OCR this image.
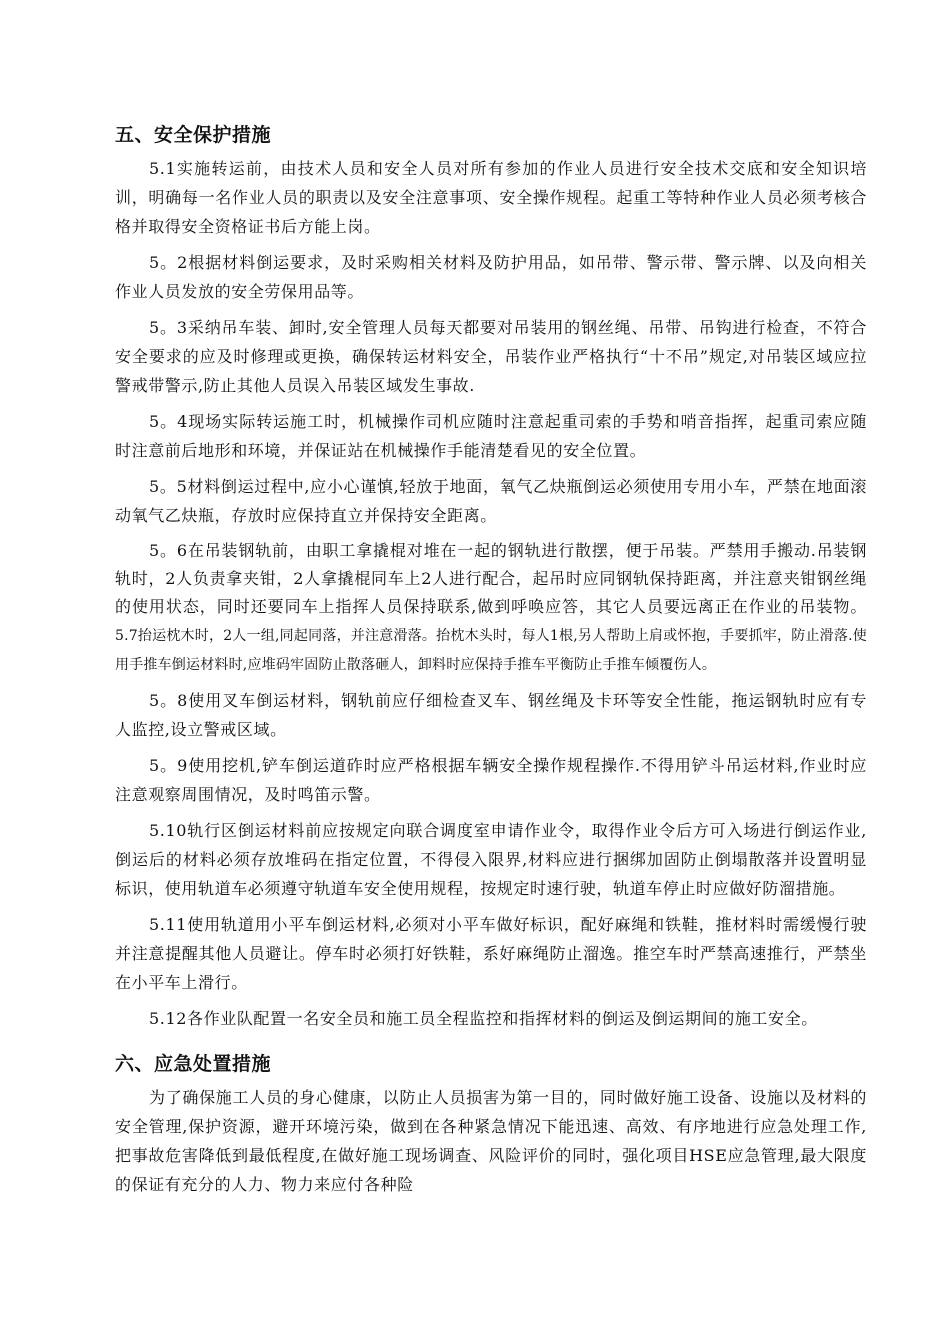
五、安全保护措施

5.1实施转运前，由技术人员和安全人员对所有参加的作业人员进行安全技术交底和安全知识培训，明确每一名作业人员的职责以及安全注意事项、安全操作规程。起重工等特种作业人员必须考核合格并取得安全资格证书后方能上岗。

5。2根据材料倒运要求，及时采购相关材料及防护用品，如吊带、警示带、警示牌、以及向相关作业人员发放的安全劳保用品等。

5。3采纳吊车装、卸时,安全管理人员每天都要对吊装用的钢丝绳、吊带、吊钩进行检查，不符合安全要求的应及时修理或更换，确保转运材料安全，吊装作业严格执行“十不吊”规定,对吊装区域应拉警戒带警示,防止其他人员误入吊装区域发生事故.

5。4现场实际转运施工时，机械操作司机应随时注意起重司索的手势和哨音指挥，起重司索应随时注意前后地形和环境，并保证站在机械操作手能清楚看见的安全位置。

5。5材料倒运过程中,应小心谨慎,轻放于地面，氧气乙炔瓶倒运必须使用专用小车，严禁在地面滚动氧气乙炔瓶，存放时应保持直立并保持安全距离。

5。6在吊装钢轨前，由职工拿撬棍对堆在一起的钢轨进行散摆，便于吊装。严禁用手搬动.吊装钢轨时，2人负责拿夹钳，2人拿撬棍同车上2人进行配合，起吊时应同钢轨保持距离，并注意夹钳钢丝绳的使用状态，同时还要同车上指挥人员保持联系,做到呼唤应答，其它人员要远离正在作业的吊装物。5.7抬运枕木时，2人一组,同起同落，并注意滑落。抬枕木头时，每人1根,另人帮助上肩或怀抱，手要抓牢，防止滑落.使用手推车倒运材料时,应堆码牢固防止散落砸人，卸料时应保持手推车平衡防止手推车倾覆伤人。

5。8使用叉车倒运材料，钢轨前应仔细检查叉车、钢丝绳及卡环等安全性能，拖运钢轨时应有专人监控,设立警戒区域。

5。9使用挖机,铲车倒运道砟时应严格根据车辆安全操作规程操作.不得用铲斗吊运材料,作业时应注意观察周围情况，及时鸣笛示警。

5.10轨行区倒运材料前应按规定向联合调度室申请作业令，取得作业令后方可入场进行倒运作业,倒运后的材料必须存放堆码在指定位置，不得侵入限界,材料应进行捆绑加固防止倒塌散落并设置明显标识，使用轨道车必须遵守轨道车安全使用规程，按规定时速行驶，轨道车停止时应做好防溜措施。

5.11使用轨道用小平车倒运材料,必须对小平车做好标识，配好麻绳和铁鞋，推材料时需缓慢行驶并注意提醒其他人员避让。停车时必须打好铁鞋，系好麻绳防止溜逸。推空车时严禁高速推行，严禁坐在小平车上滑行。

5.12各作业队配置一名安全员和施工员全程监控和指挥材料的倒运及倒运期间的施工安全。

六、应急处置措施

为了确保施工人员的身心健康，以防止人员损害为第一目的，同时做好施工设备、设施以及材料的安全管理,保护资源，避开环境污染，做到在各种紧急情况下能迅速、高效、有序地进行应急处理工作,把事故危害降低到最低程度,在做好施工现场调查、风险评价的同时，强化项目HSE应急管理,最大限度的保证有充分的人力、物力来应付各种险
